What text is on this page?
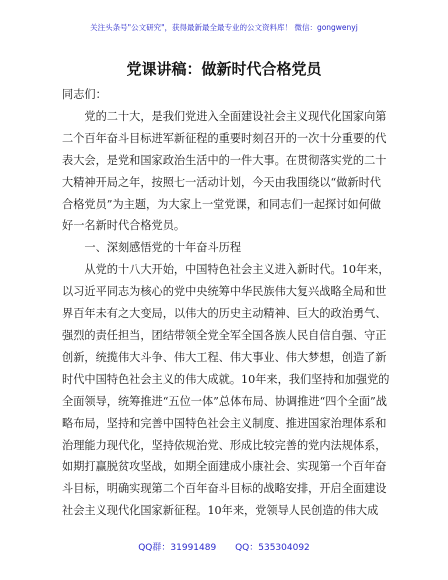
关注头条号"公文研究"，获得最新最全最专业的公文资料库！ 微信：gongwenyj
党课讲稿：做新时代合格党员

同志们：

党的二十大，是我们党进入全面建设社会主义现代化国家向第二个百年奋斗目标进军新征程的重要时刻召开的一次十分重要的代表大会，是党和国家政治生活中的一件大事。在贯彻落实党的二十大精神开局之年，按照七一活动计划，今天由我围绕以“做新时代合格党员”为主题，为大家上一堂党课，和同志们一起探讨如何做好一名新时代合格党员。

一、深刻感悟党的十年奋斗历程

从党的十八大开始，中国特色社会主义进入新时代。10年来，以习近平同志为核心的党中央统筹中华民族伟大复兴战略全局和世界百年未有之大变局，以伟大的历史主动精神、巨大的政治勇气、强烈的责任担当，团结带领全党全军全国各族人民自信自强、守正创新，统揽伟大斗争、伟大工程、伟大事业、伟大梦想，创造了新时代中国特色社会主义的伟大成就。10年来，我们坚持和加强党的全面领导，统筹推进“五位一体”总体布局、协调推进“四个全面”战略布局，坚持和完善中国特色社会主义制度、推进国家治理体系和治理能力现代化，坚持依规治党、形成比较完善的党内法规体系，如期打赢脱贫攻坚战，如期全面建成小康社会、实现第一个百年奋斗目标，明确实现第二个百年奋斗目标的战略安排，开启全面建设社会主义现代化国家新征程。10年来，党领导人民创造的伟大成

QQ群：31991489 QQ：535304092
